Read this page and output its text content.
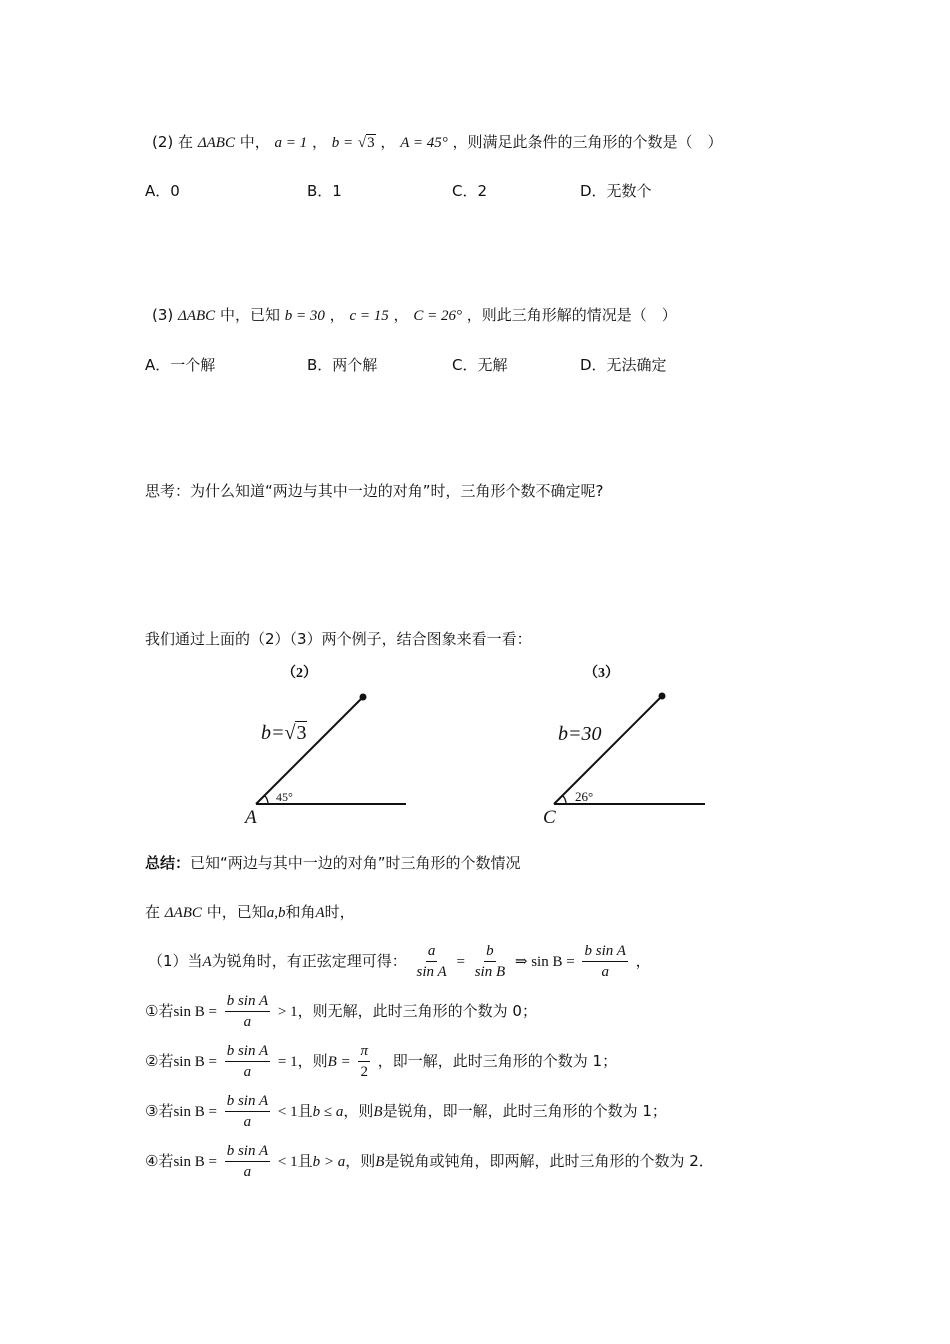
(2) 在 ΔABC 中， a = 1 ， b = √3 ， A = 45° ，则满足此条件的三角形的个数是（　）
A．0	B．1	C．2	D．无数个
(3) ΔABC 中，已知 b = 30 ， c = 15 ， C = 26° ，则此三角形解的情况是（　）
A．一个解	B．两个解	C．无解	D．无法确定
思考：为什么知道“两边与其中一边的对角”时，三角形个数不确定呢?
我们通过上面的（2）（3）两个例子，结合图象来看一看：
（2）
b=√3
45°
A
（3）
b=30
26°
C
总结：已知“两边与其中一边的对角”时三角形的个数情况
在 ΔABC 中，已知a,b和角A时，
（1）当A为锐角时，有正弦定理可得： $\frac{a}{\text{sin A}} = \frac{b}{\text{sin B}}$ ⇒ $\sin B = \frac{\text{b sin A}}{a}$ ，
①若$\sin B = \frac{\text{b sin A}}{a} > 1$，则无解，此时三角形的个数为 0；
②若$\sin B = \frac{\text{b sin A}}{a} = 1$，则$B = \frac{\pi}{2}$ ，即一解，此时三角形的个数为 1；
③若$\sin B = \frac{\text{b sin A}}{a} < 1$且b ≤ a，则B是锐角，即一解，此时三角形的个数为 1；
④若$\sin B = \frac{\text{b sin A}}{a} < 1$且b > a，则B是锐角或钝角，即两解，此时三角形的个数为 2．
